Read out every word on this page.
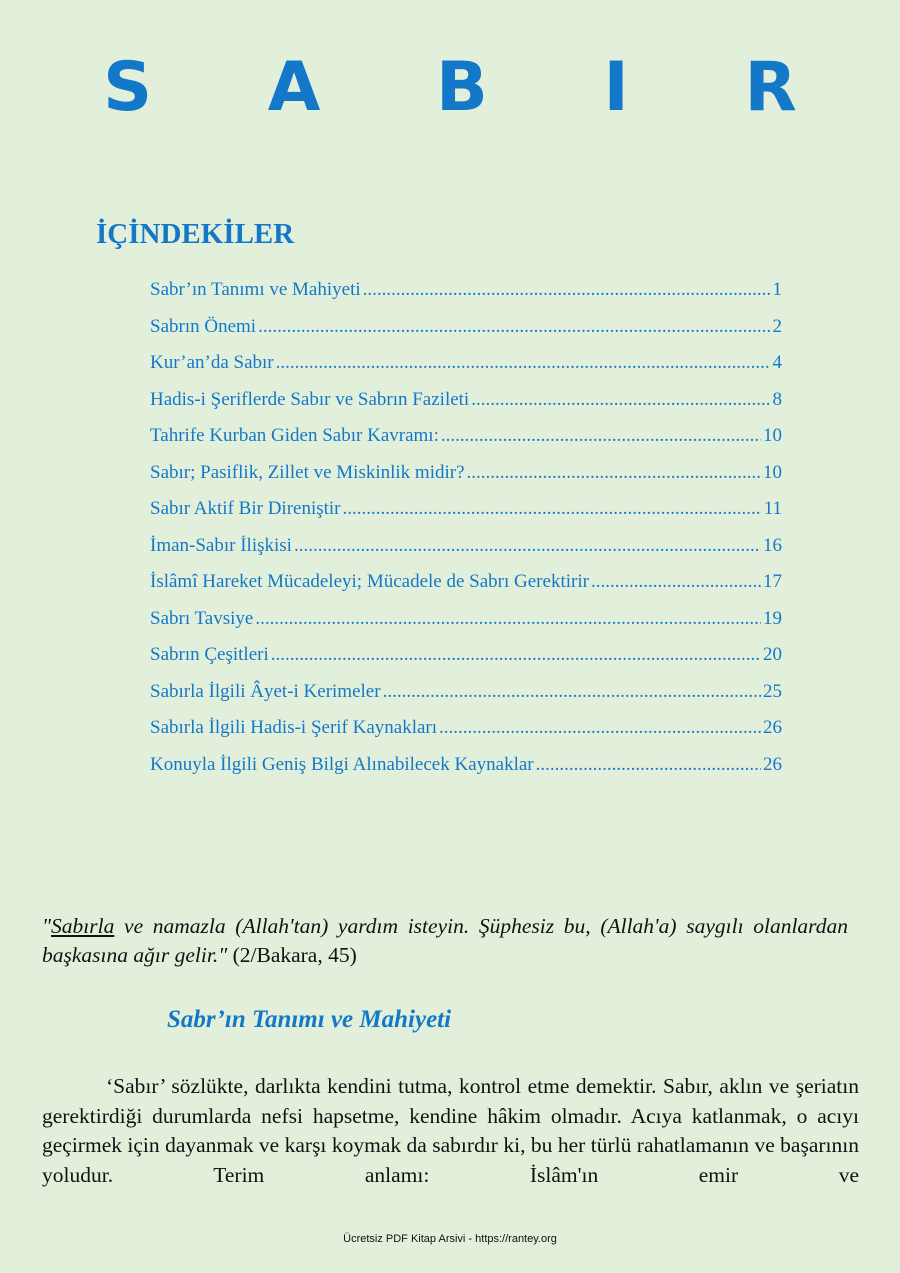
S A B I R
İÇİNDEKİLER
Sabr’ın Tanımı ve Mahiyeti .....	1
Sabrın Önemi .....	2
Kur’an’da Sabır .....	4
Hadis-i Şeriflerde Sabır ve Sabrın Fazileti .....	8
Tahrife Kurban Giden Sabır Kavramı: .....	10
Sabır; Pasiflik, Zillet ve Miskinlik midir? .....	10
Sabır Aktif Bir Direniştir .....	11
İman-Sabır İlişkisi .....	16
İslâmî Hareket Mücadeleyi; Mücadele de Sabrı Gerektirir .....	17
Sabrı Tavsiye .....	19
Sabrın Çeşitleri .....	20
Sabırla İlgili Âyet-i Kerimeler .....	25
Sabırla İlgili Hadis-i Şerif Kaynakları .....	26
Konuyla İlgili Geniş Bilgi Alınabilecek Kaynaklar .....	26
"Sabırla ve namazla (Allah'tan) yardım isteyin. Şüphesiz bu, (Allah'a) saygılı olanlardan başkasına ağır gelir." (2/Bakara, 45)
Sabr’ın Tanımı ve Mahiyeti
‘Sabır’ sözlükte, darlıkta kendini tutma, kontrol etme demektir. Sabır, aklın ve şeriatın gerektirdiği durumlarda nefsi hapsetme, kendine hâkim olmadır. Acıya katlanmak, o acıyı geçirmek için dayanmak ve karşı koymak da sabırdır ki, bu her türlü rahatlamanın ve başarının yoludur. Terim anlamı: İslâm'ın emir ve
Ücretsiz PDF Kitap Arsivi - https://rantey.org
